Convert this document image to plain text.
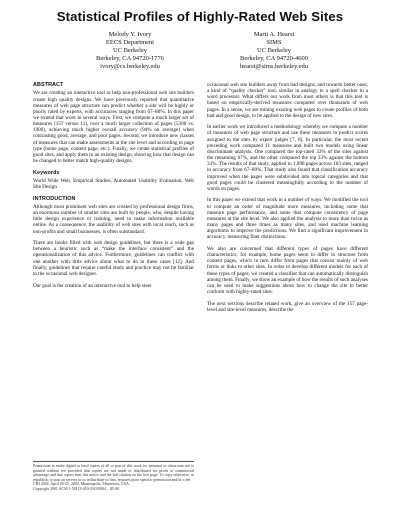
Statistical Profiles of Highly-Rated Web Sites
Melody Y. Ivory
EECS Department
UC Berkeley
Berkeley, CA 94720-1776
ivory@cs.berkeley.edu
Marti A. Hearst
SIMS
UC Berkeley
Berkeley, CA 94720-4600
hearst@sims.berkeley.edu
ABSTRACT

We are creating an interactive tool to help non-professional web site builders create high quality designs. We have previously reported that quantitative measures of web page structure can predict whether a site will be highly or poorly rated by experts, with accuracies ranging from 67–80%. In this paper we extend that work in several ways. First, we compute a much larger set of measures (157 versus 11), over a much larger collection of pages (5300 vs. 1900), achieving much higher overall accuracy (94% on average) when contrasting good, average, and poor pages. Second, we introduce new classes of measures that can make assessments at the site level and according to page type (home page, content page, etc.). Finally, we create statistical profiles of good sites, and apply them to an existing design, showing how that design can be changed to better match high-quality designs.

Keywords

World Wide Web, Empirical Studies, Automated Usability Evaluation, Web Site Design

INTRODUCTION

Although most prominent web sites are created by professional design firms, an enormous number of smaller sites are built by people, who, despite having little design experience or training, need to make information available online. As a consequence, the usability of web sites with local reach, such as non-profits and small businesses, is often substandard.

There are books filled with web design guidelines, but there is a wide gap between a heuristic such as “make the interface consistent” and the operationalization of this advice. Furthermore, guidelines can conflict with one another with little advice about what to do in these cases [12]. And finally, guidelines that require careful study and practice may not be familiar to the occasional web designer.

Our goal is the creation of an interactive tool to help steer

Permission to make digital or hard copies of all or part of this work for personal or classroom use is granted without fee provided that copies are not made or distributed for profit or commercial advantage and that copies bear this notice and the full citation on the first page. To copy otherwise, or republish, to post on servers or to redistribute to lists, requires prior specific permission and/or a fee.

CHI 2002, April 20-25, 2002, Minneapolis, Minnesota, USA.

Copyright 2001 ACM 1-58113-453-3/02/0004…$5.00.

occasional web site builders away from bad designs, and towards better ones; a kind of “quality checker” tool, similar in analogy to a spell checker in a word processor. What differs our work from most others is that this tool is based on empirically-derived measures computed over thousands of web pages. In a sense, we are mining existing web pages to create profiles of both bad and good design, to be applied to the design of new sites.

In earlier work we introduced a methodology whereby we compute a number of measures of web page structure and use these measures to predict scores assigned to the sites by expert judges [7, 8]. In particular, the most recent preceding work computed 11 measures and built two models using linear discriminant analysis. One compared the top-rated 33% of the sites against the remaining 67%, and the other compared the top 33% against the bottom 33%. The results of that study, applied to 1,898 pages across 163 sites, ranged in accuracy from 67–80%. That study also found that classification accuracy improved when the pages were subdivided into topical categories and that good pages could be clustered meaningfully according to the number of words on pages.

In this paper we extend that work in a number of ways. We modified the tool to compute an order of magnitude more measures, including some that measure page performance, and some that compute consistency of page measures at the site level. We also applied the analysis to more than twice as many pages and three times as many sites, and used machine learning algorithms to improve the predictions. We find a significant improvement in accuracy, measuring finer distinctions.

We also are concerned that different types of pages have different characteristics; for example, home pages seem to differ in structure from content pages, which in turn differ from pages that consist mainly of web forms or links to other sites. In order to develop different models for each of these types of pages, we created a classifier that can automatically distinguish among them. Finally, we show an example of how the results of such analyses can be used to make suggestions about how to change the site to better conform with highly-rated sites.

The next sections describe related work, give an overview of the 157 page-level and site-level measures, describe the
